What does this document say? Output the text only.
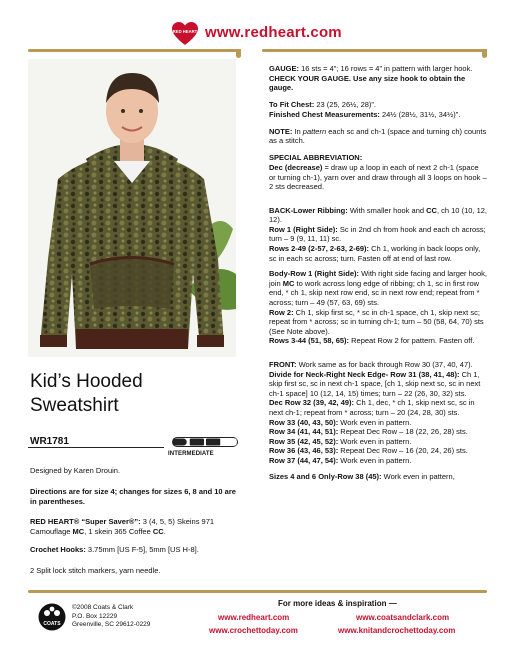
RED HEART www.redheart.com
Kid’s Hooded
Sweatshirt
WR1781
INTERMEDIATE
Designed by Karen Drouin.
Directions are for size 4; changes for sizes 6, 8 and 10 are in parentheses.
RED HEART® “Super Saver®”: 3 (4, 5, 5) Skeins 971 Camouflage MC, 1 skein 365 Coffee CC.
Crochet Hooks: 3.75mm [US F-5], 5mm [US H-8].
2 Split lock stitch markers, yarn needle.

GAUGE: 16 sts = 4”; 16 rows = 4” in pattern with larger hook. CHECK YOUR GAUGE. Use any size hook to obtain the gauge.

To Fit Chest: 23 (25, 26½, 28)”.
Finished Chest Measurements: 24½ (28½, 31½, 34½)”.

NOTE: In pattern each sc and ch-1 (space and turning ch) counts as a stitch.

SPECIAL ABBREVIATION:
Dec (decrease) = draw up a loop in each of next 2 ch-1 (space or turning ch-1), yarn over and draw through all 3 loops on hook – 2 sts decreased.

BACK-Lower Ribbing: With smaller hook and CC, ch 10 (10, 12, 12).
Row 1 (Right Side): Sc in 2nd ch from hook and each ch across; turn – 9 (9, 11, 11) sc.
Rows 2-49 (2-57, 2-63, 2-69): Ch 1, working in back loops only, sc in each sc across; turn. Fasten off at end of last row.

Body-Row 1 (Right Side): With right side facing and larger hook, join MC to work across long edge of ribbing; ch 1, sc in first row end, * ch 1, skip next row end, sc in next row end; repeat from * across; turn – 49 (57, 63, 69) sts.
Row 2: Ch 1, skip first sc, * sc in ch-1 space, ch 1, skip next sc; repeat from * across; sc in turning ch-1; turn – 50 (58, 64, 70) sts (See Note above).
Rows 3-44 (51, 58, 65): Repeat Row 2 for pattern. Fasten off.

FRONT: Work same as for back through Row 30 (37, 40, 47).
Divide for Neck-Right Neck Edge- Row 31 (38, 41, 48): Ch 1, skip first sc, sc in next ch-1 space, [ch 1, skip next sc, sc in next ch-1 space] 10 (12, 14, 15) times; turn – 22 (26, 30, 32) sts.
Dec Row 32 (39, 42, 49): Ch 1, dec, * ch 1, skip next sc, sc in next ch-1; repeat from * across; turn – 20 (24, 28, 30) sts.
Row 33 (40, 43, 50): Work even in pattern.
Row 34 (41, 44, 51): Repeat Dec Row – 18 (22, 26, 28) sts.
Row 35 (42, 45, 52): Work even in pattern.
Row 36 (43, 46, 53): Repeat Dec Row – 16 (20, 24, 26) sts.
Row 37 (44, 47, 54): Work even in pattern.

Sizes 4 and 6 Only-Row 38 (45): Work even in pattern,

COATS
©2008 Coats & Clark
P.O. Box 12229
Greenville, SC 29612-0229
For more ideas & inspiration —
www.redheart.com	www.coatsandclark.com
www.crochettoday.com	www.knitandcrochettoday.com
